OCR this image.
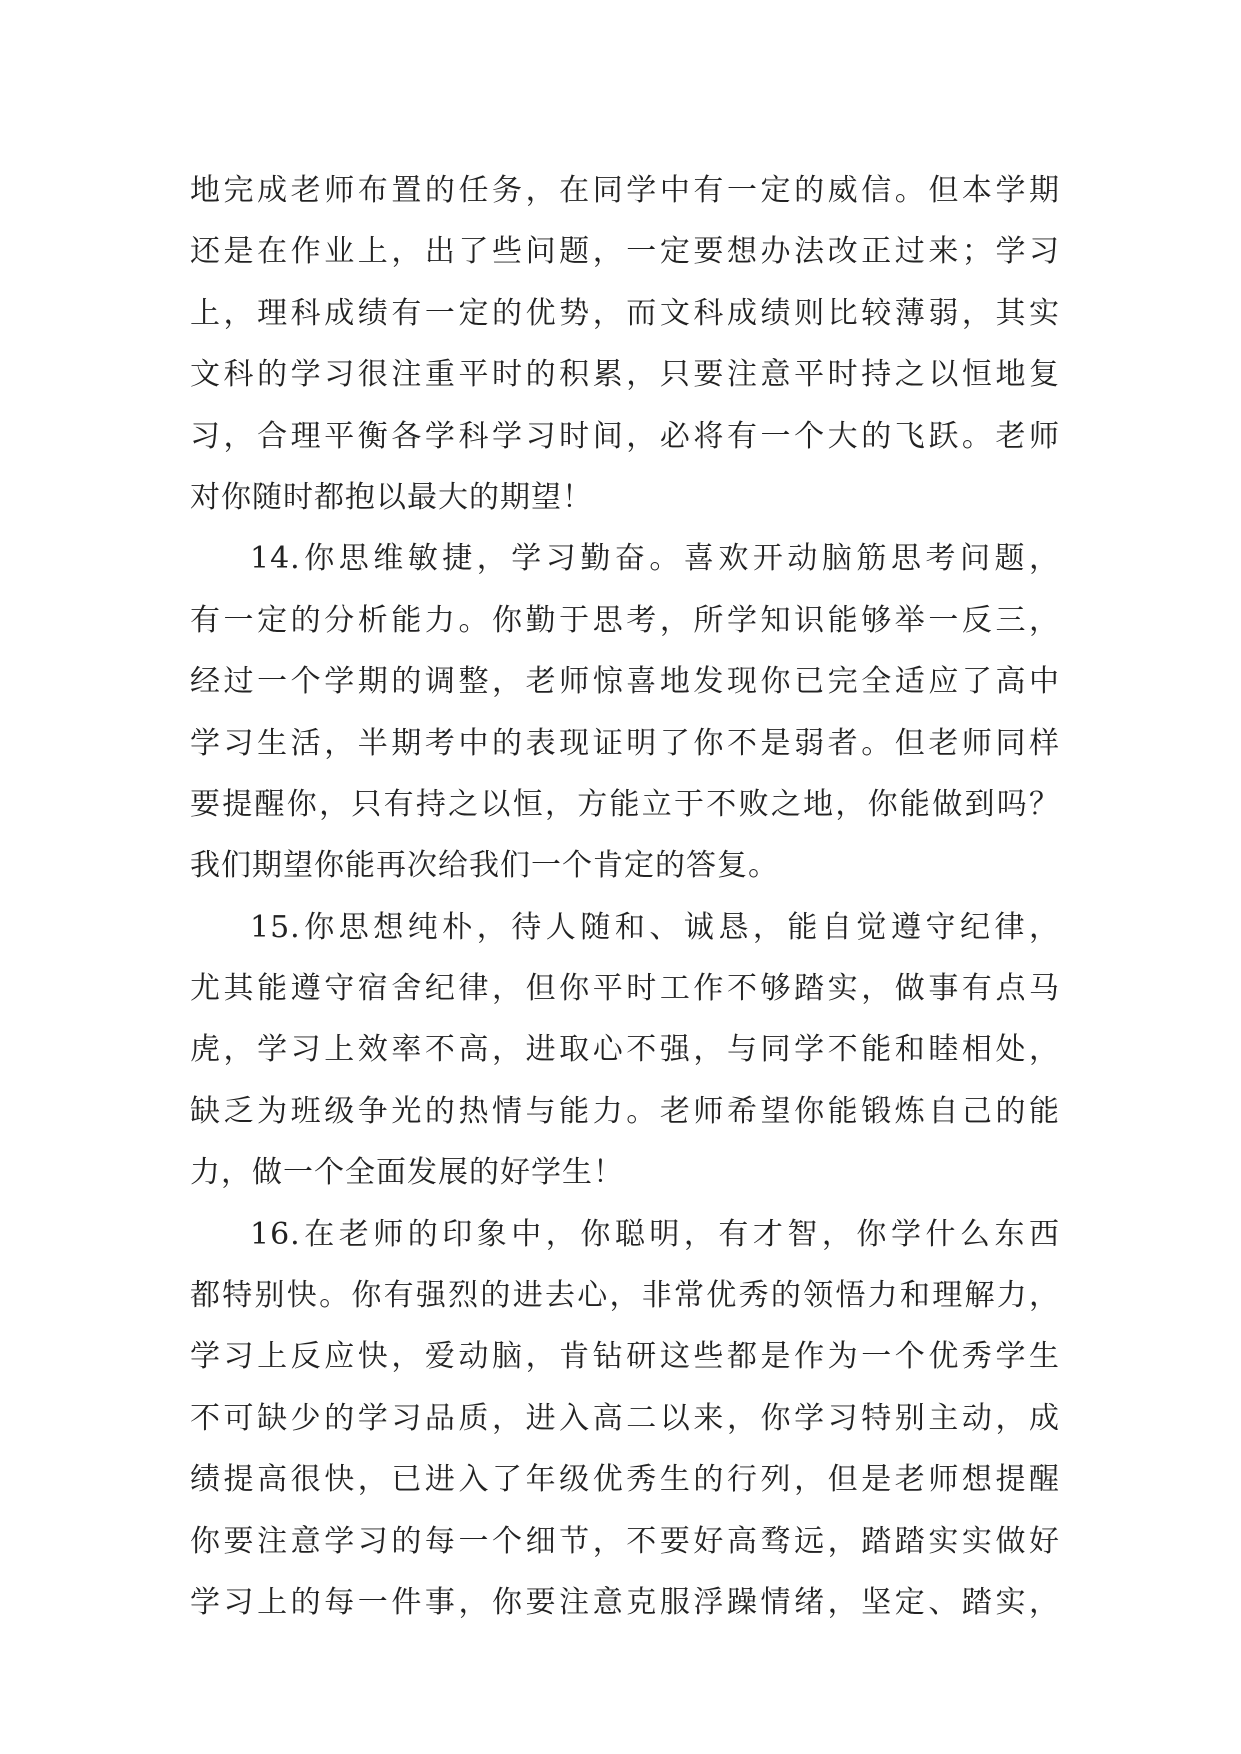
地完成老师布置的任务，在同学中有一定的威信。但本学期
还是在作业上，出了些问题，一定要想办法改正过来；学习
上，理科成绩有一定的优势，而文科成绩则比较薄弱，其实
文科的学习很注重平时的积累，只要注意平时持之以恒地复
习，合理平衡各学科学习时间，必将有一个大的飞跃。老师
对你随时都抱以最大的期望！
14.你思维敏捷，学习勤奋。喜欢开动脑筋思考问题，
有一定的分析能力。你勤于思考，所学知识能够举一反三，
经过一个学期的调整，老师惊喜地发现你已完全适应了高中
学习生活，半期考中的表现证明了你不是弱者。但老师同样
要提醒你，只有持之以恒，方能立于不败之地，你能做到吗？
我们期望你能再次给我们一个肯定的答复。
15.你思想纯朴，待人随和、诚恳，能自觉遵守纪律，
尤其能遵守宿舍纪律，但你平时工作不够踏实，做事有点马
虎，学习上效率不高，进取心不强，与同学不能和睦相处，
缺乏为班级争光的热情与能力。老师希望你能锻炼自己的能
力，做一个全面发展的好学生！
16.在老师的印象中，你聪明，有才智，你学什么东西
都特别快。你有强烈的进去心，非常优秀的领悟力和理解力，
学习上反应快，爱动脑，肯钻研这些都是作为一个优秀学生
不可缺少的学习品质，进入高二以来，你学习特别主动，成
绩提高很快，已进入了年级优秀生的行列，但是老师想提醒
你要注意学习的每一个细节，不要好高骛远，踏踏实实做好
学习上的每一件事，你要注意克服浮躁情绪，坚定、踏实，
